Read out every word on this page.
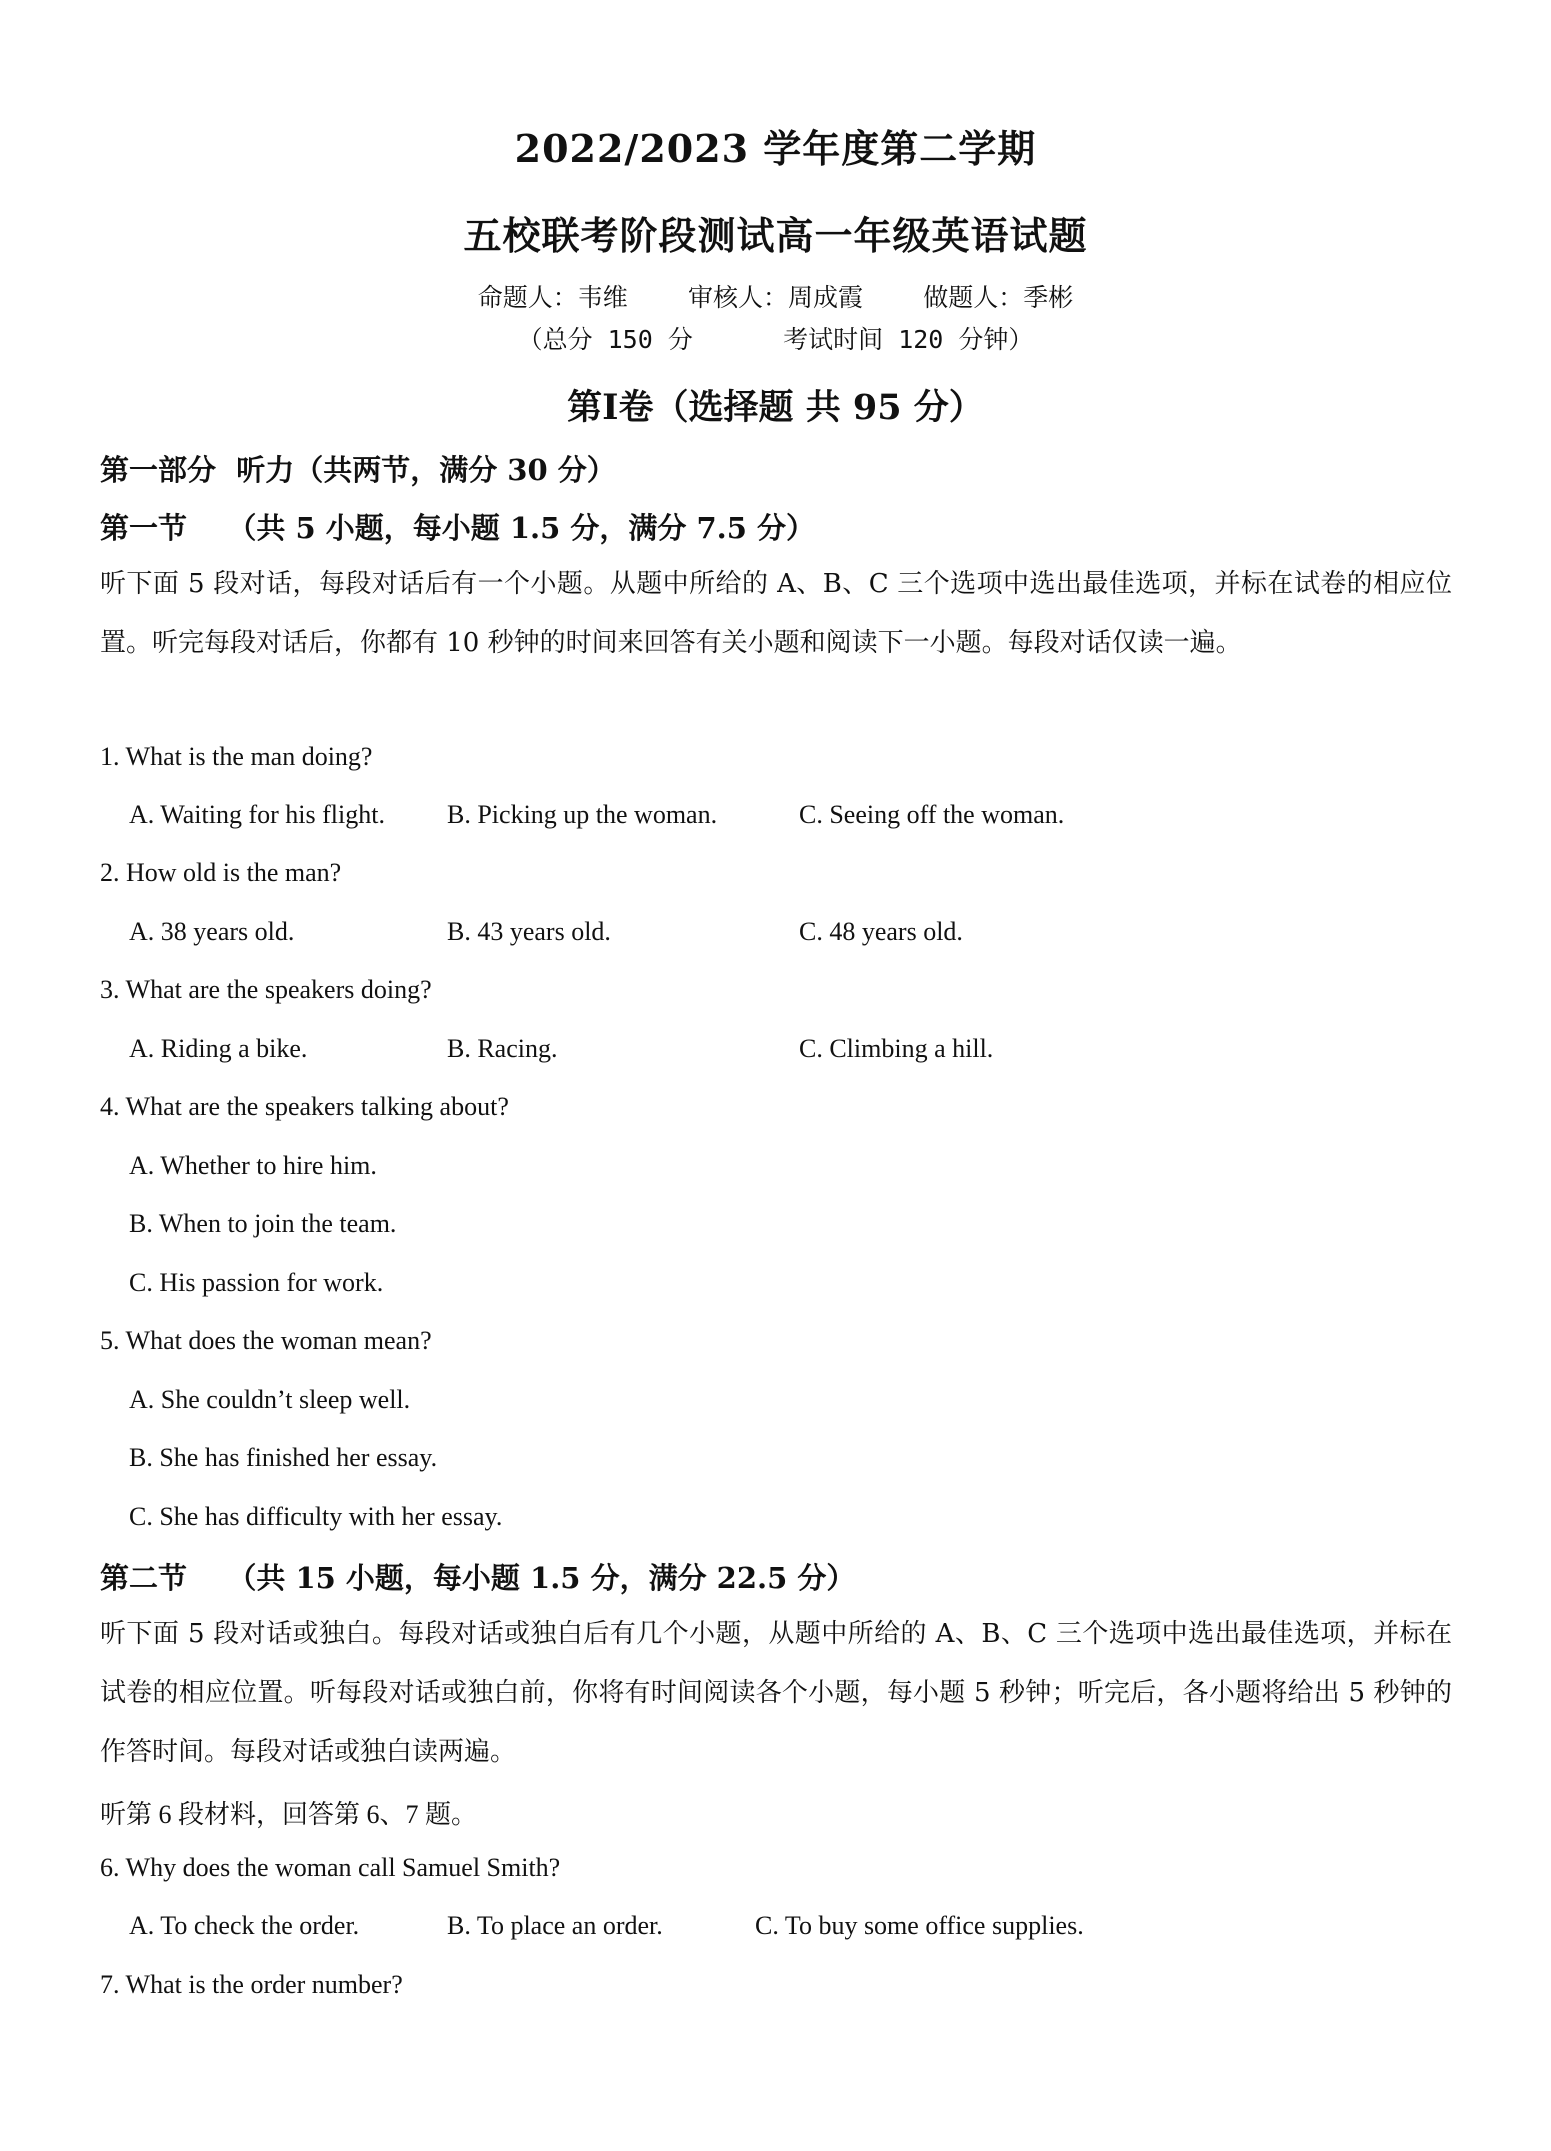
2022/2023 学年度第二学期
五校联考阶段测试高一年级英语试题
命题人：韦维    审核人：周成霞    做题人：季彬
（总分 150 分      考试时间 120 分钟）
第Ⅰ卷（选择题 共 95 分）
第一部分  听力（共两节，满分 30 分）
第一节    （共 5 小题，每小题 1.5 分，满分 7.5 分）
听下面 5 段对话，每段对话后有一个小题。从题中所给的 A、B、C 三个选项中选出最佳选项，并标在试卷的相应位置。听完每段对话后，你都有 10 秒钟的时间来回答有关小题和阅读下一小题。每段对话仅读一遍。
1. What is the man doing?
A. Waiting for his flight. B. Picking up the woman.	C. Seeing off the woman.
2. How old is the man?
A. 38 years old.	B. 43 years old.	C. 48 years old.
3. What are the speakers doing?
A. Riding a bike.	B. Racing.	C. Climbing a hill.
4. What are the speakers talking about?
A. Whether to hire him.
B. When to join the team.
C. His passion for work.
5. What does the woman mean?
A. She couldn’t sleep well.
B. She has finished her essay.
C. She has difficulty with her essay.
第二节    （共 15 小题，每小题 1.5 分，满分 22.5 分）
听下面 5 段对话或独白。每段对话或独白后有几个小题，从题中所给的 A、B、C 三个选项中选出最佳选项，并标在试卷的相应位置。听每段对话或独白前，你将有时间阅读各个小题，每小题 5 秒钟；听完后，各小题将给出 5 秒钟的作答时间。每段对话或独白读两遍。
听第 6 段材料，回答第 6、7 题。
6. Why does the woman call Samuel Smith?
A. To check the order.	B. To place an order.	C. To buy some office supplies.
7. What is the order number?
